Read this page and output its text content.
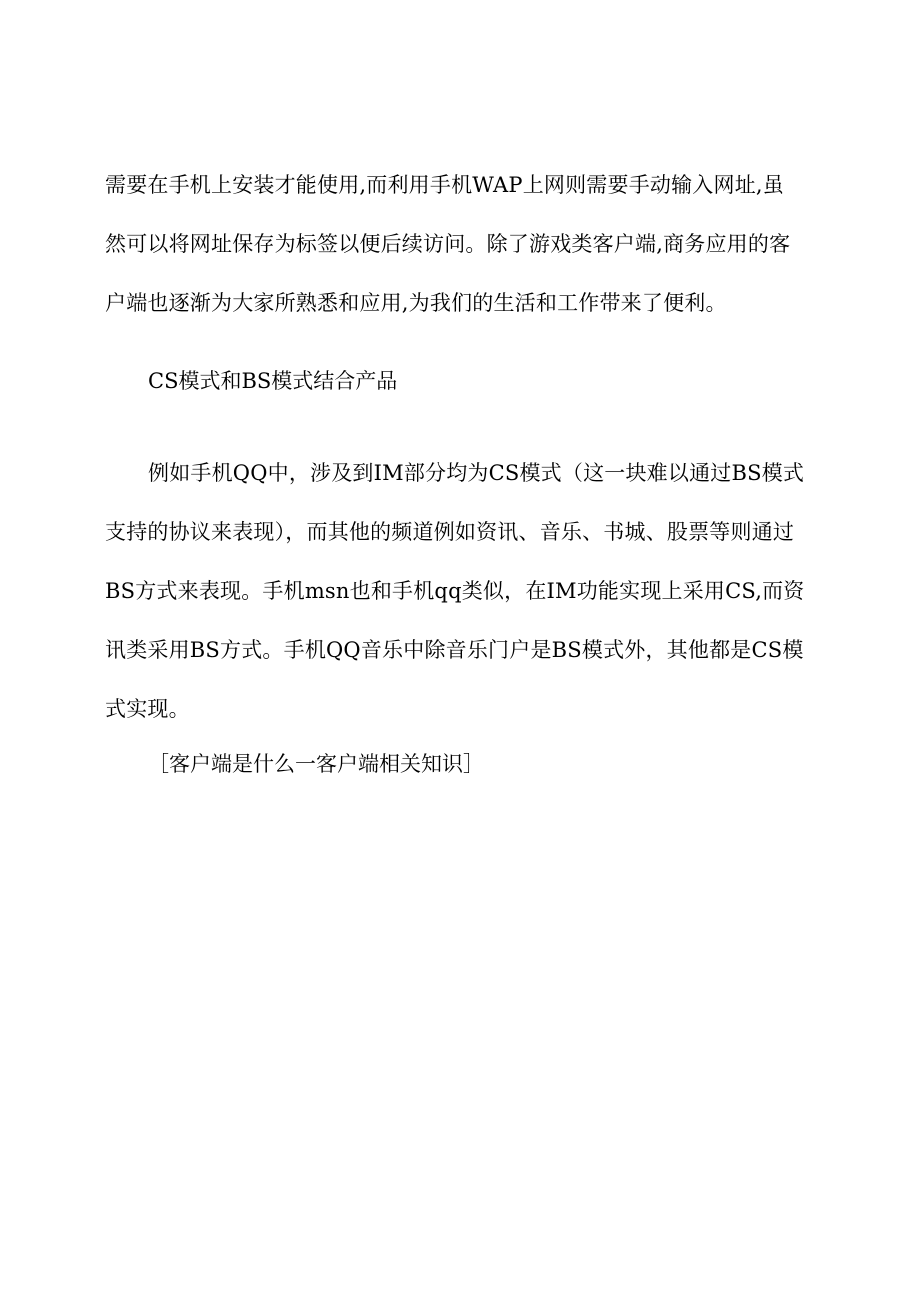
需要在手机上安装才能使用,而利用手机WAP上网则需要手动输入网址,虽然可以将网址保存为标签以便后续访问。除了游戏类客户端,商务应用的客户端也逐渐为大家所熟悉和应用,为我们的生活和工作带来了便利。

CS模式和BS模式结合产品

例如手机QQ中，涉及到IM部分均为CS模式（这一块难以通过BS模式支持的协议来表现），而其他的频道例如资讯、音乐、书城、股票等则通过BS方式来表现。手机msn也和手机qq类似，在IM功能实现上采用CS,而资讯类采用BS方式。手机QQ音乐中除音乐门户是BS模式外，其他都是CS模式实现。

［客户端是什么一客户端相关知识］
